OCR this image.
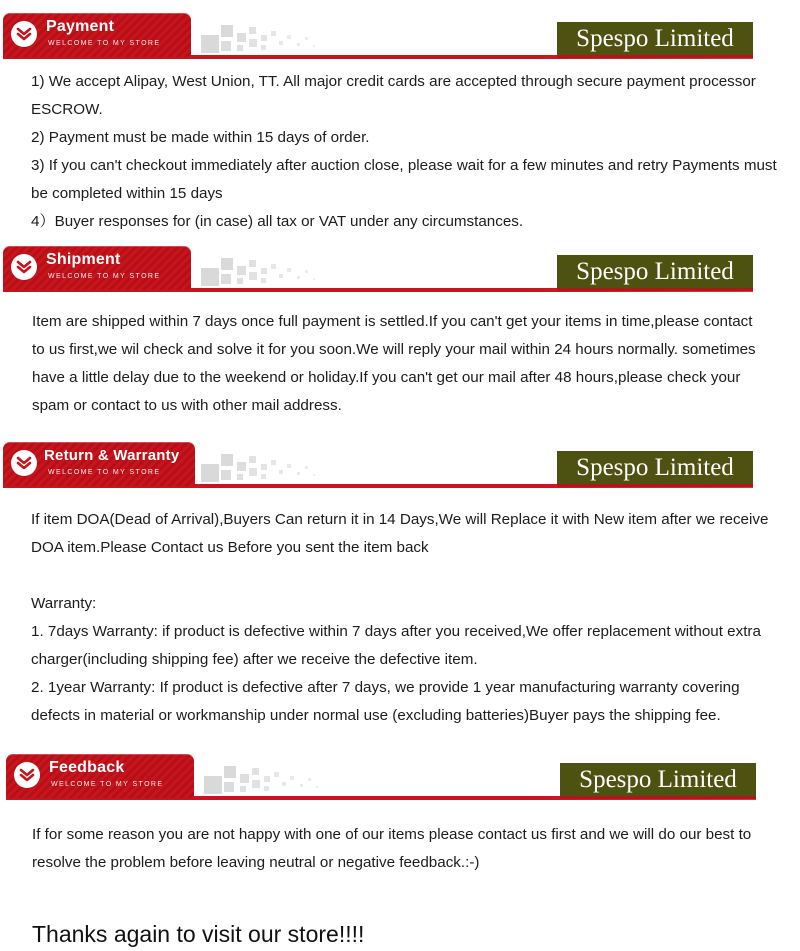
Payment
WELCOME TO MY STORE	Spespo Limited

1) We accept Alipay, West Union, TT. All major credit cards are accepted through secure payment processor ESCROW.

2) Payment must be made within 15 days of order.

3) If you can't checkout immediately after auction close, please wait for a few minutes and retry Payments must be completed within 15 days

4）Buyer responses for (in case) all tax or VAT under any circumstances.

Shipment
WELCOME TO MY STORE	Spespo Limited

Item are shipped within 7 days once full payment is settled.If you can't get your items in time,please contact to us first,we wil check and solve it for you soon.We will reply your mail within 24 hours normally. sometimes have a little delay due to the weekend or holiday.If you can't get our mail after 48 hours,please check your spam or contact to us with other mail address.

Return & Warranty
WELCOME TO MY STORE	Spespo Limited

If item DOA(Dead of Arrival),Buyers Can return it in 14 Days,We will Replace it with New item after we receive DOA item.Please Contact us Before you sent the item back

Warranty:

1. 7days Warranty: if product is defective within 7 days after you received,We offer replacement without extra charger(including shipping fee) after we receive the defective item.

2. 1year Warranty: If product is defective after 7 days, we provide 1 year manufacturing warranty covering defects in material or workmanship under normal use (excluding batteries)Buyer pays the shipping fee.

Feedback
WELCOME TO MY STORE	Spespo Limited

If for some reason you are not happy with one of our items please contact us first and we will do our best to resolve the problem before leaving neutral or negative feedback.:-)

Thanks again to visit our store!!!!
